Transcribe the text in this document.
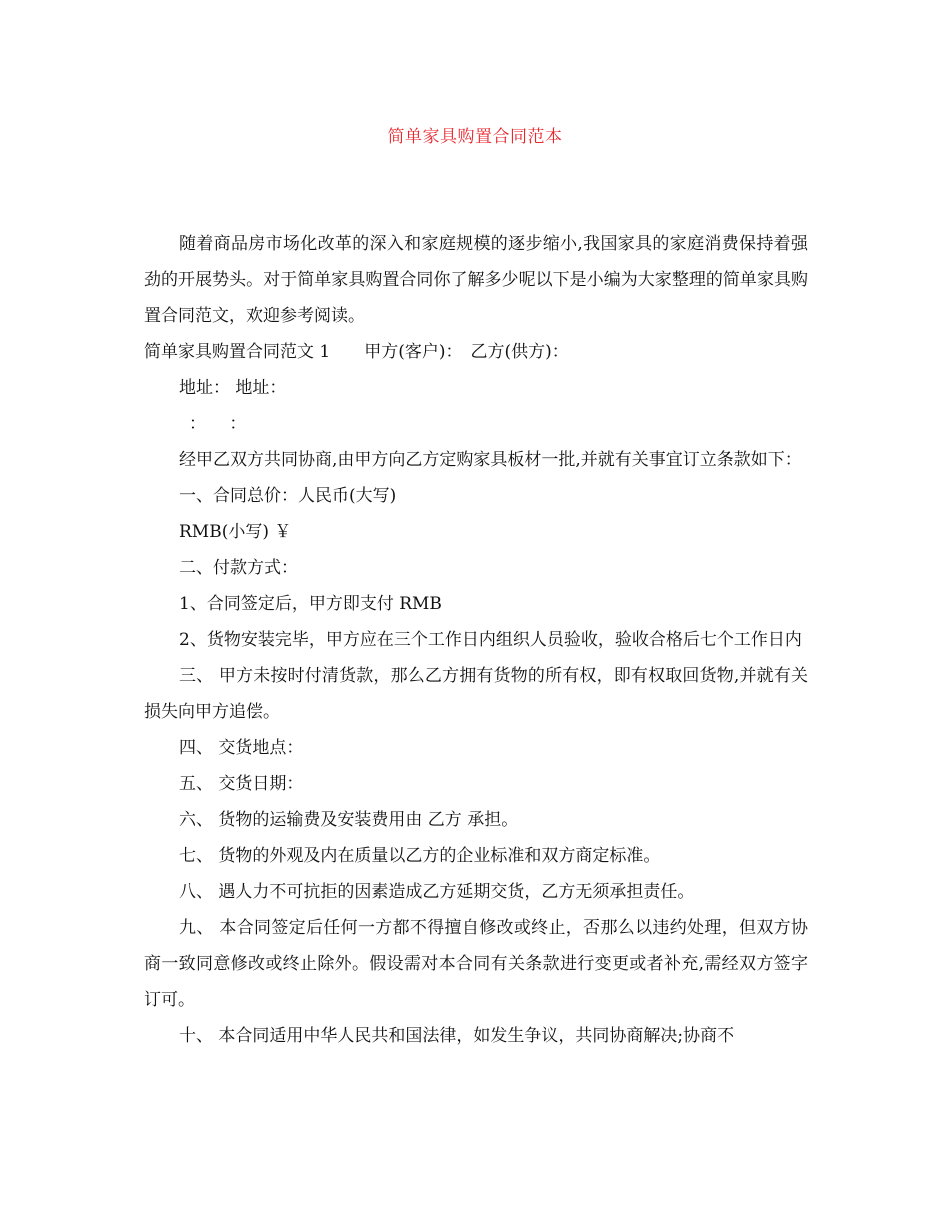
简单家具购置合同范本

随着商品房市场化改革的深入和家庭规模的逐步缩小,我国家具的家庭消费保持着强劲的开展势头。对于简单家具购置合同你了解多少呢以下是小编为大家整理的简单家具购置合同范文，欢迎参考阅读。

简单家具购置合同范文 1 甲方(客户)： 乙方(供方)：

地址： 地址：

： ：

经甲乙双方共同协商,由甲方向乙方定购家具板材一批,并就有关事宜订立条款如下：

一、合同总价：人民币(大写)

RMB(小写) ￥

二、付款方式：

1、合同签定后，甲方即支付 RMB

2、货物安装完毕，甲方应在三个工作日内组织人员验收，验收合格后七个工作日内

三、 甲方未按时付清货款，那么乙方拥有货物的所有权，即有权取回货物,并就有关损失向甲方追偿。

四、 交货地点：

五、 交货日期：

六、 货物的运输费及安装费用由 乙方 承担。

七、 货物的外观及内在质量以乙方的企业标准和双方商定标准。

八、 遇人力不可抗拒的因素造成乙方延期交货，乙方无须承担责任。

九、 本合同签定后任何一方都不得擅自修改或终止，否那么以违约处理，但双方协商一致同意修改或终止除外。假设需对本合同有关条款进行变更或者补充,需经双方签字订可。

十、 本合同适用中华人民共和国法律，如发生争议，共同协商解决;协商不
